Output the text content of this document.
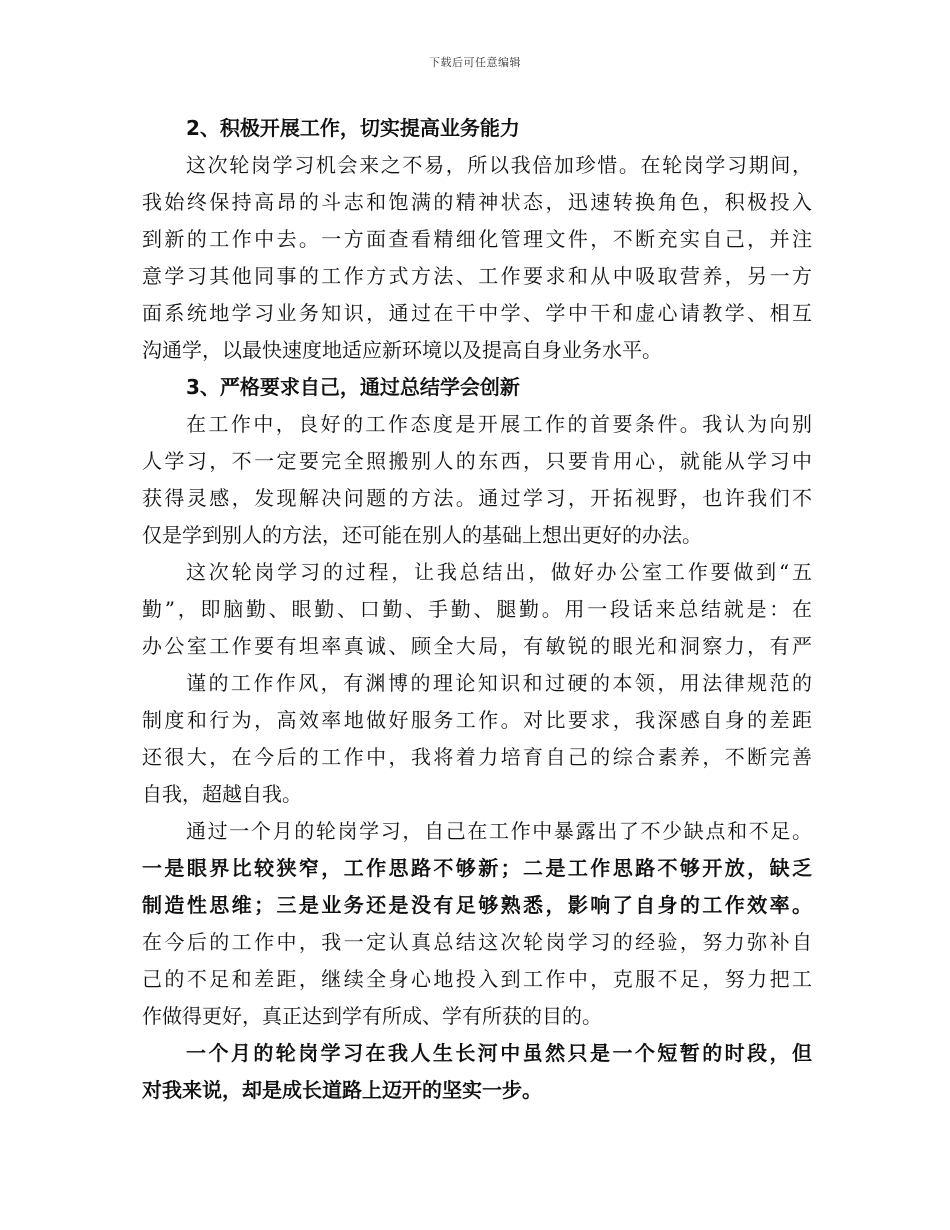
下载后可任意编辑
2、积极开展工作，切实提高业务能力
这次轮岗学习机会来之不易，所以我倍加珍惜。在轮岗学习期间，
我始终保持高昂的斗志和饱满的精神状态，迅速转换角色，积极投入
到新的工作中去。一方面查看精细化管理文件，不断充实自己，并注
意学习其他同事的工作方式方法、工作要求和从中吸取营养，另一方
面系统地学习业务知识，通过在干中学、学中干和虚心请教学、相互
沟通学，以最快速度地适应新环境以及提高自身业务水平。
3、严格要求自己，通过总结学会创新
在工作中，良好的工作态度是开展工作的首要条件。我认为向别
人学习，不一定要完全照搬别人的东西，只要肯用心，就能从学习中
获得灵感，发现解决问题的方法。通过学习，开拓视野，也许我们不
仅是学到别人的方法，还可能在别人的基础上想出更好的办法。
这次轮岗学习的过程，让我总结出，做好办公室工作要做到“五
勤”，即脑勤、眼勤、口勤、手勤、腿勤。用一段话来总结就是：在
办公室工作要有坦率真诚、顾全大局，有敏锐的眼光和洞察力，有严
谨的工作作风，有渊博的理论知识和过硬的本领，用法律规范的
制度和行为，高效率地做好服务工作。对比要求，我深感自身的差距
还很大，在今后的工作中，我将着力培育自己的综合素养，不断完善
自我，超越自我。
通过一个月的轮岗学习，自己在工作中暴露出了不少缺点和不足。
一是眼界比较狭窄，工作思路不够新；二是工作思路不够开放，缺乏
制造性思维；三是业务还是没有足够熟悉，影响了自身的工作效率。
在今后的工作中，我一定认真总结这次轮岗学习的经验，努力弥补自
己的不足和差距，继续全身心地投入到工作中，克服不足，努力把工
作做得更好，真正达到学有所成、学有所获的目的。
一个月的轮岗学习在我人生长河中虽然只是一个短暂的时段，但
对我来说，却是成长道路上迈开的坚实一步。
